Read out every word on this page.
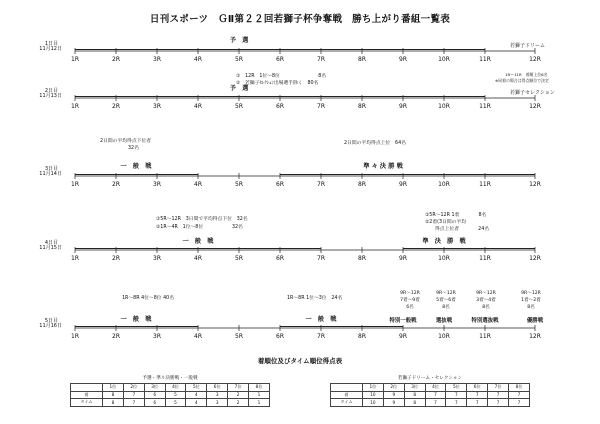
日刊スポーツ　ＧⅡ第２２回若獅子杯争奪戦　勝ち上がり番組一覧表
1日目
11月12日
1R	2R	3R	4R	5R	6R	7R	8R	9R	10R	11R	12R
予　選
若獅子ドリーム
2日目
11月13日
1R	2R	3R	4R	5R	6R	7R	8R	9R	10R	11R	12R
予　選
若獅子セレクション
3日目
11月14日
1R	2R	3R	4R	5R	6R	7R	8R	9R	10R	11R	12R
一　般　戦	準 々 決 勝 戦
4日目
11月15日
1R	2R	3R	4R	5R	6R	7R	8R	9R	10R	11R	12R
一　般　戦	準　決　勝　戦
5日目
11月16日
1R	2R	3R	4R	5R	6R	7R	8R	9R	10R	11R	12R
一　般　戦	一　般　戦	特別一般戦	選抜戦	特別選抜戦	優勝戦
①　12R　1位〜8位　　　　　　　　8名
②　若獅子ｾﾚｸｼｮﾝ出場選手除く　80名
1R〜11R　着順上位6名
※同着の場合は得点順位で決定
2日間の平均得点下位者
32名
2日間の平均得点上位　64名
①5R〜12R　3日間で平均得点下位　32名
②1R〜4R　1位〜8位　　　　　　32名
①5R〜12R 1着　　　　8名
②2着(3日間の平均
得点上位者　　　　24名
1R〜8R 4位〜8位 40名	1R〜8R 1位〜3位　24名
9R〜12R
7着〜9着
6名
9R〜12R
5着〜6着
8名
9R〜12R
3着〜4着
8名
9R〜12R
1着〜2着
8名
着順位及びタイム順位得点表
予選・準々決勝戦・一般戦
	1位	2位	3位	4位	5位	6位	7位	8位
着	8	7	6	5	4	3	2	1
タイム	8	7	6	5	4	3	2	1
若獅子ドリーム・セレクション
	1位	2位	3位	4位	5位	6位	7位	8位
着	10	9	8	7	7	7	7	7
タイム	10	9	8	7	7	7	7	7
